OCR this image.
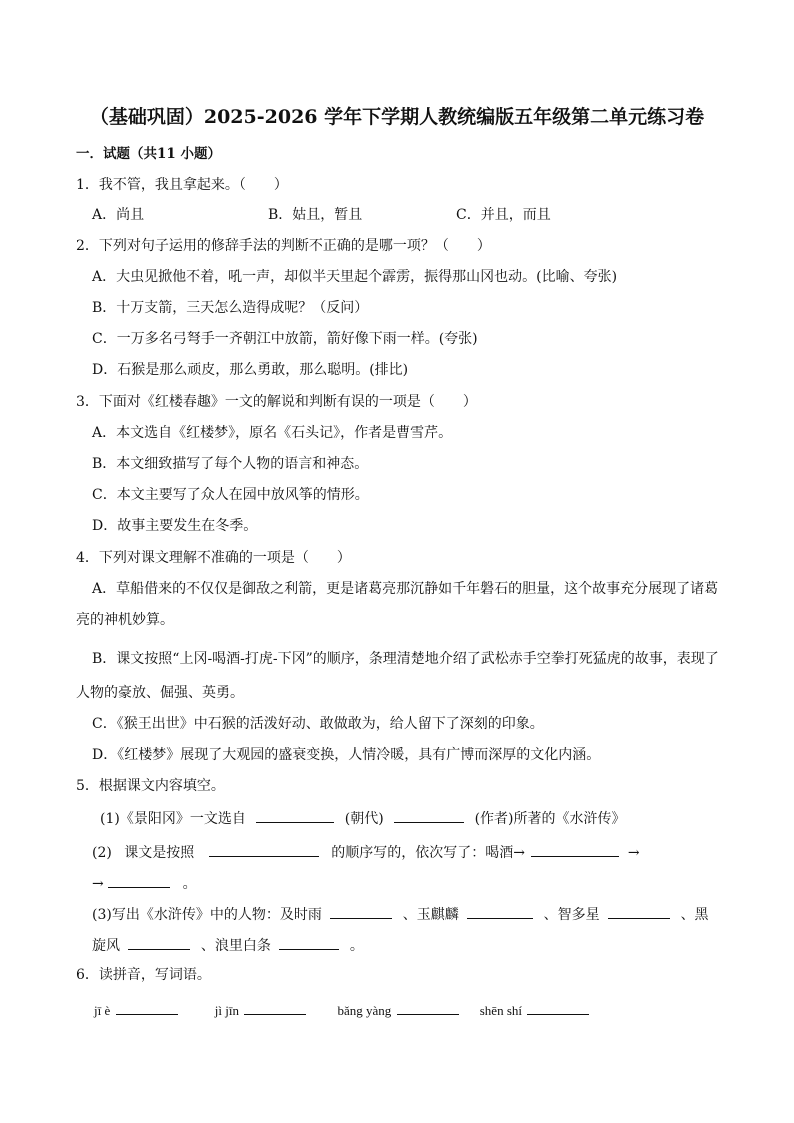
（基础巩固）2025-2026 学年下学期人教统编版五年级第二单元练习卷
一．试题（共11 小题）
1．我不管，我且拿起来。（　　）
A．尚且	B．姑且，暂且	C．并且，而且
2．下列对句子运用的修辞手法的判断不正确的是哪一项？（　　）
A．大虫见掀他不着，吼一声，却似半天里起个霹雳，振得那山冈也动。(比喻、夸张)
B．十万支箭，三天怎么造得成呢？（反问）
C．一万多名弓弩手一齐朝江中放箭，箭好像下雨一样。(夸张)
D．石猴是那么顽皮，那么勇敢，那么聪明。(排比)
3．下面对《红楼春趣》一文的解说和判断有误的一项是（　　）
A．本文选自《红楼梦》，原名《石头记》，作者是曹雪芹。
B．本文细致描写了每个人物的语言和神态。
C．本文主要写了众人在园中放风筝的情形。
D．故事主要发生在冬季。
4．下列对课文理解不准确的一项是（　　）
A．草船借来的不仅仅是御敌之利箭，更是诸葛亮那沉静如千年磐石的胆量，这个故事充分展现了诸葛
亮的神机妙算。
B．课文按照“上冈-喝酒-打虎-下冈”的顺序，条理清楚地介绍了武松赤手空拳打死猛虎的故事，表现了
人物的豪放、倔强、英勇。
C．《猴王出世》中石猴的活泼好动、敢做敢为，给人留下了深刻的印象。
D．《红楼梦》展现了大观园的盛衰变换，人情冷暖，具有广博而深厚的文化内涵。
5．根据课文内容填空。
(1)《景阳冈》一文选自	(朝代)	(作者)所著的《水浒传》
(2) 课文是按照	的顺序写的，依次写了：喝酒→	→
→	。
(3)写出《水浒传》中的人物：及时雨	、玉麒麟	、智多星	、黑
旋风	、浪里白条	。
6．读拼音，写词语。
jī è	jì jīn	bǎng yàng	shēn shí
